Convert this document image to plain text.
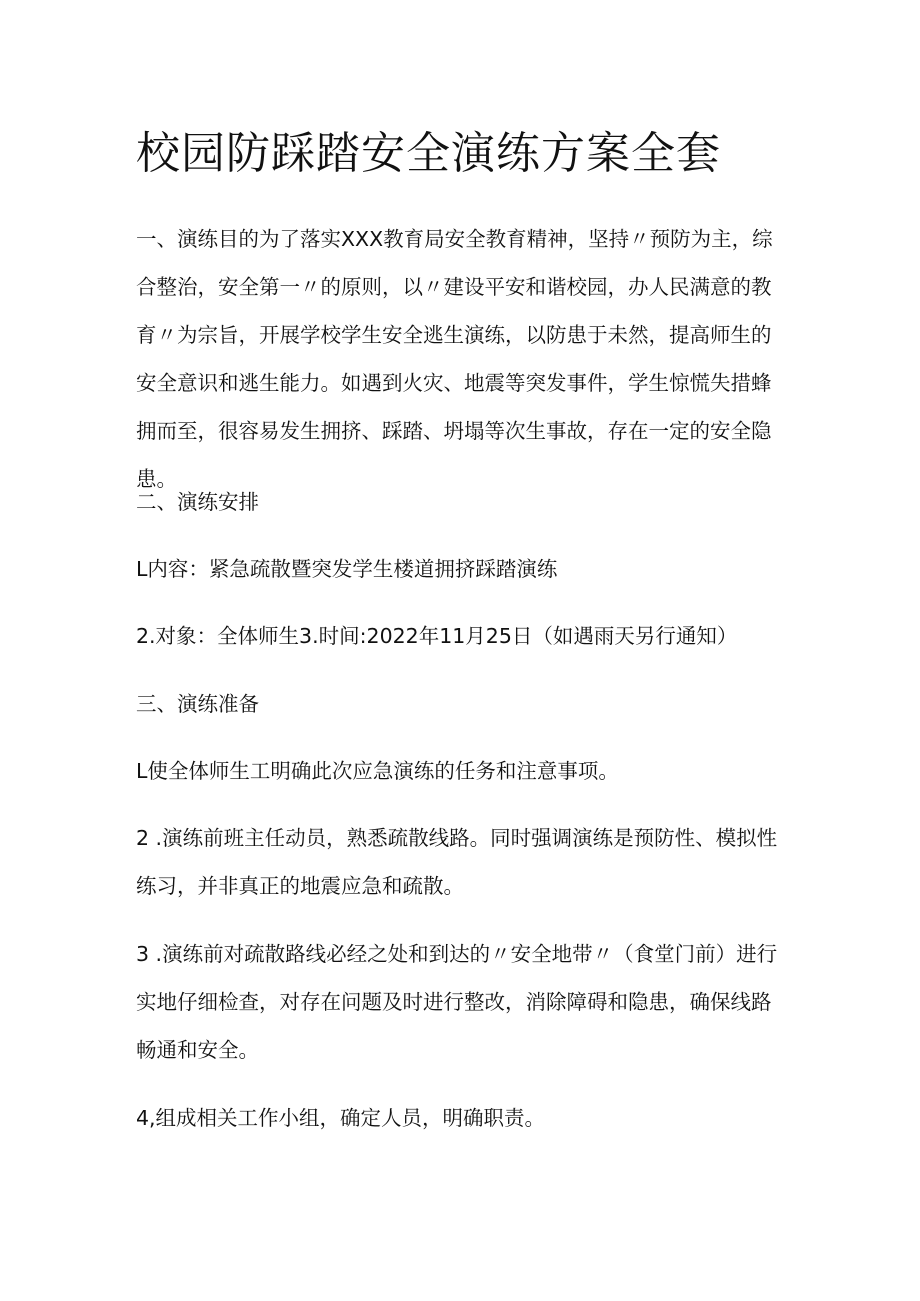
校园防踩踏安全演练方案全套

一、演练目的为了落实XXX教育局安全教育精神，坚持〃预防为主，综合整治，安全第一〃的原则，以〃建设平安和谐校园，办人民满意的教育〃为宗旨，开展学校学生安全逃生演练，以防患于未然，提高师生的安全意识和逃生能力。如遇到火灾、地震等突发事件，学生惊慌失措蜂拥而至，很容易发生拥挤、踩踏、坍塌等次生事故，存在一定的安全隐患。

二、演练安排

L内容：紧急疏散暨突发学生楼道拥挤踩踏演练

2.对象：全体师生3.时间:2022年11月25日（如遇雨天另行通知）

三、演练准备

L使全体师生工明确此次应急演练的任务和注意事项。

2 .演练前班主任动员，熟悉疏散线路。同时强调演练是预防性、模拟性练习，并非真正的地震应急和疏散。

3 .演练前对疏散路线必经之处和到达的〃安全地带〃（食堂门前）进行实地仔细检查，对存在问题及时进行整改，消除障碍和隐患，确保线路畅通和安全。

4,组成相关工作小组，确定人员，明确职责。
